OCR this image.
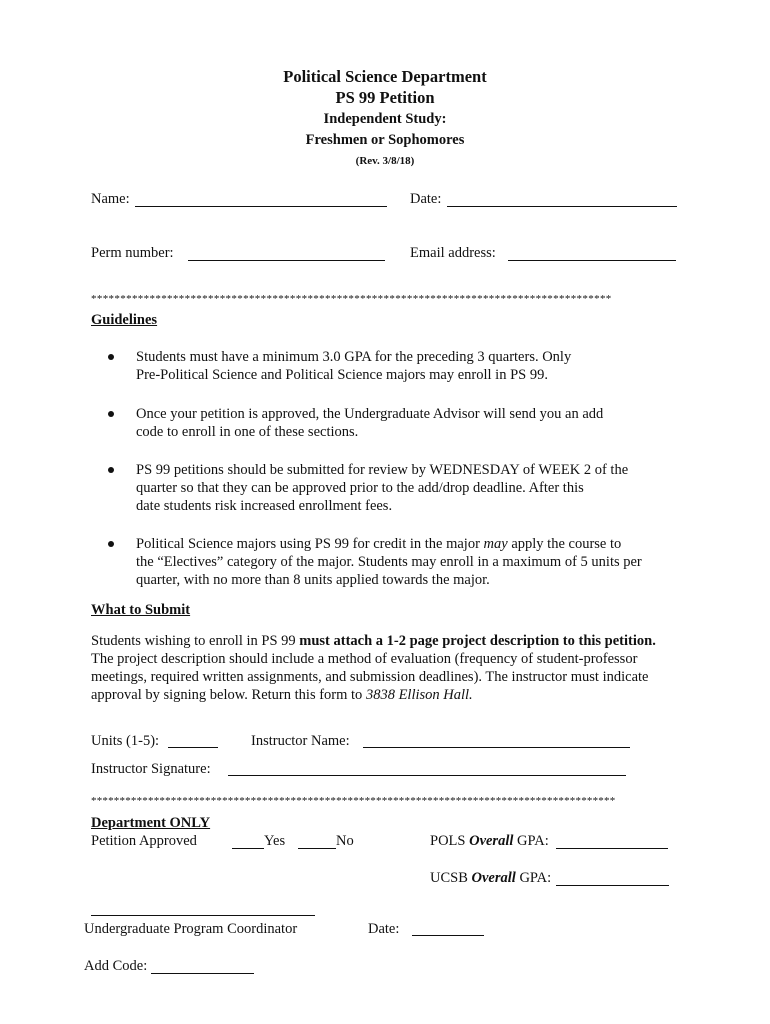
Political Science Department
PS 99 Petition
Independent Study:
Freshmen or Sophomores
(Rev. 3/8/18)
Name:	Date:
Perm number:	Email address:
*****************************************************************************************
Guidelines
Students must have a minimum 3.0 GPA for the preceding 3 quarters. Only
Pre-Political Science and Political Science majors may enroll in PS 99.
Once your petition is approved, the Undergraduate Advisor will send you an add
code to enroll in one of these sections.
PS 99 petitions should be submitted for review by WEDNESDAY of WEEK 2 of the
quarter so that they can be approved prior to the add/drop deadline. After this
date students risk increased enrollment fees.
Political Science majors using PS 99 for credit in the major may apply the course to
the “Electives” category of the major. Students may enroll in a maximum of 5 units per
quarter, with no more than 8 units applied towards the major.
What to Submit
Students wishing to enroll in PS 99 must attach a 1-2 page project description to this petition. The project description should include a method of evaluation (frequency of student-professor meetings, required written assignments, and submission deadlines). The instructor must indicate approval by signing below. Return this form to 3838 Ellison Hall.
Units (1-5):	Instructor Name:
Instructor Signature:
********************************************************************************************
Department ONLY
Petition Approved	Yes	No	POLS Overall GPA:
UCSB Overall GPA:
Undergraduate Program Coordinator	Date:
Add Code:
